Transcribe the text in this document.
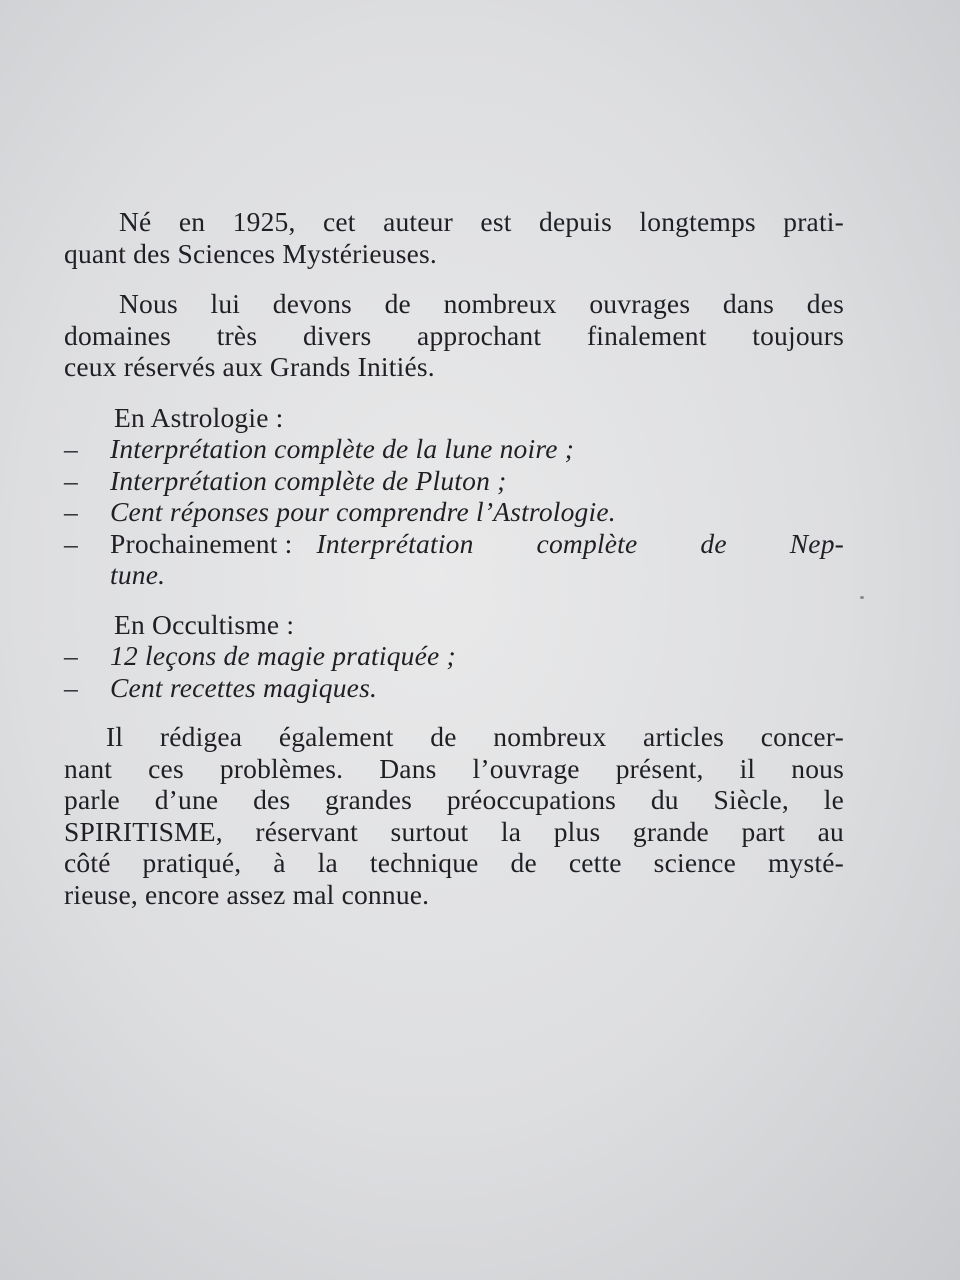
Né en 1925, cet auteur est depuis longtemps prati-
quant des Sciences Mystérieuses.
Nous lui devons de nombreux ouvrages dans des
domaines très divers approchant finalement toujours
ceux réservés aux Grands Initiés.
En Astrologie :
– Interprétation complète de la lune noire ;
– Interprétation complète de Pluton ;
– Cent réponses pour comprendre l’Astrologie.
–	Prochainement : Interprétation complète de Nep-
tune.
En Occultisme :
– 12 leçons de magie pratiquée ;
– Cent recettes magiques.
Il rédigea également de nombreux articles concer-
nant ces problèmes. Dans l’ouvrage présent, il nous
parle d’une des grandes préoccupations du Siècle, le
SPIRITISME, réservant surtout la plus grande part au
côté pratiqué, à la technique de cette science mysté-
rieuse, encore assez mal connue.
